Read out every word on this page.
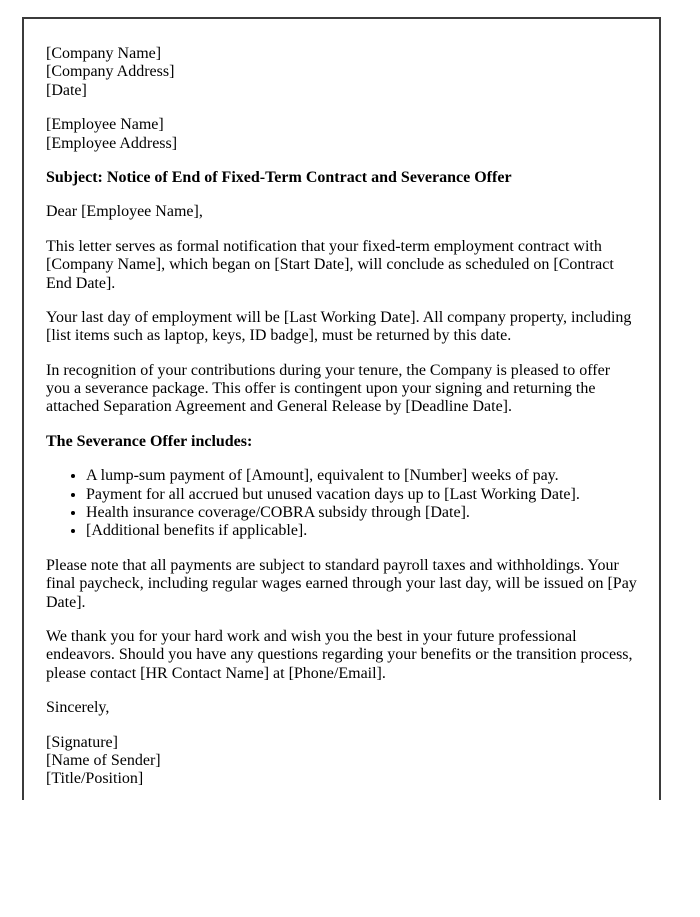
[Company Name]
[Company Address]
[Date]
[Employee Name]
[Employee Address]

Subject: Notice of End of Fixed-Term Contract and Severance Offer

Dear [Employee Name],

This letter serves as formal notification that your fixed-term employment contract with [Company Name], which began on [Start Date], will conclude as scheduled on [Contract End Date].

Your last day of employment will be [Last Working Date]. All company property, including [list items such as laptop, keys, ID badge], must be returned by this date.

In recognition of your contributions during your tenure, the Company is pleased to offer you a severance package. This offer is contingent upon your signing and returning the attached Separation Agreement and General Release by [Deadline Date].

The Severance Offer includes:

• A lump-sum payment of [Amount], equivalent to [Number] weeks of pay.
• Payment for all accrued but unused vacation days up to [Last Working Date].
• Health insurance coverage/COBRA subsidy through [Date].
• [Additional benefits if applicable].

Please note that all payments are subject to standard payroll taxes and withholdings. Your final paycheck, including regular wages earned through your last day, will be issued on [Pay Date].

We thank you for your hard work and wish you the best in your future professional endeavors. Should you have any questions regarding your benefits or the transition process, please contact [HR Contact Name] at [Phone/Email].

Sincerely,

[Signature]
[Name of Sender]
[Title/Position]
